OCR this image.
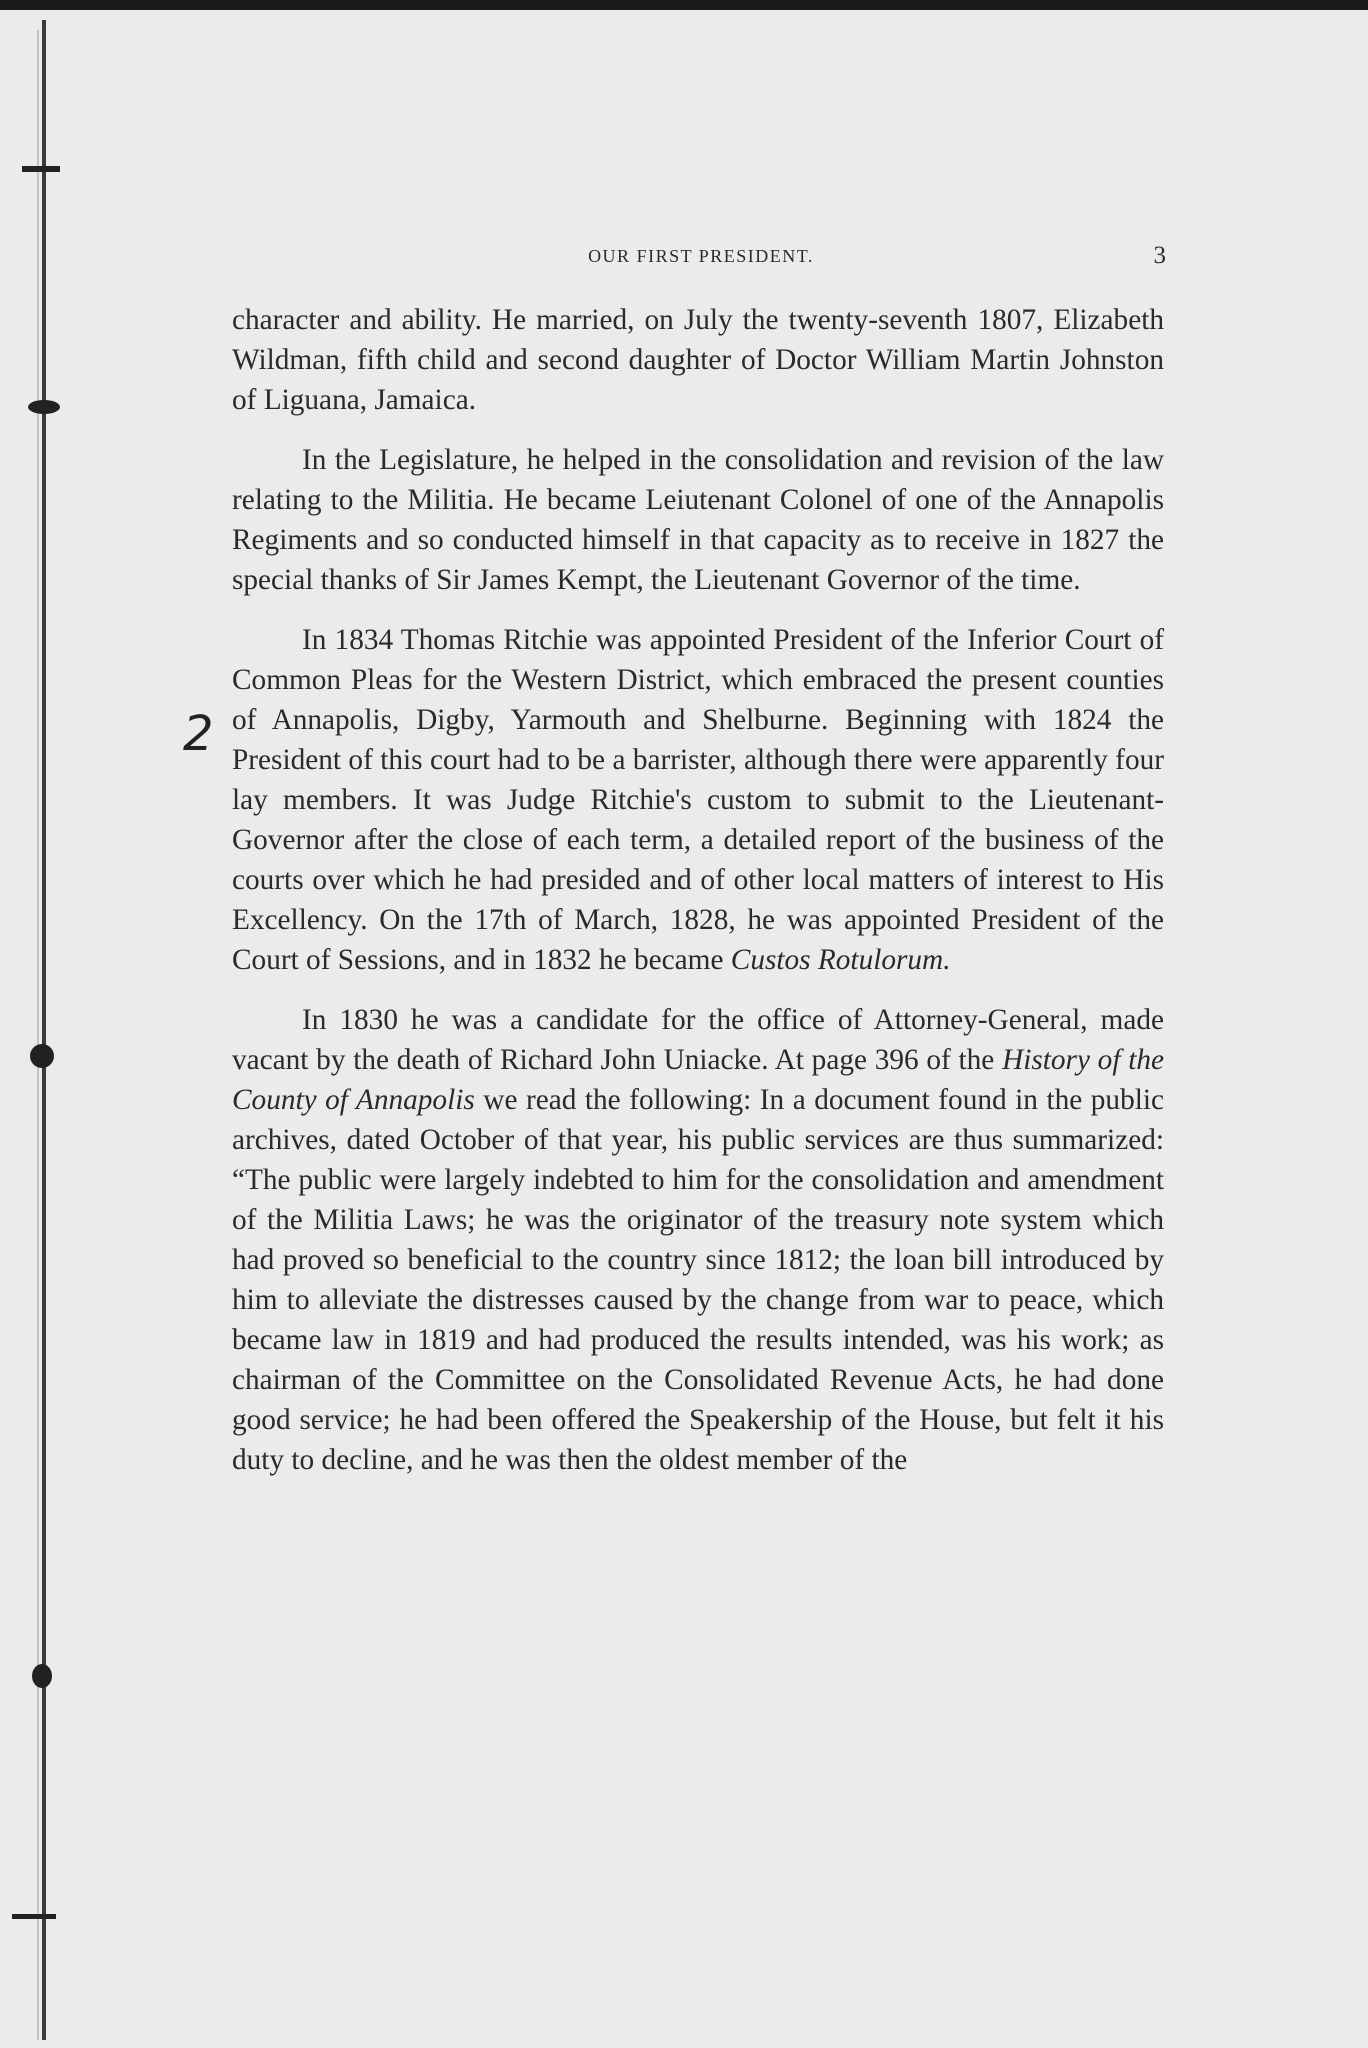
OUR FIRST PRESIDENT.	3
2

character and ability. He married, on July the twenty-seventh 1807, Elizabeth Wildman, fifth child and second daughter of Doctor William Martin Johnston of Liguana, Jamaica.

In the Legislature, he helped in the consolidation and revision of the law relating to the Militia. He became Leiutenant Colonel of one of the Annapolis Regiments and so conducted himself in that capacity as to receive in 1827 the special thanks of Sir James Kempt, the Lieutenant Governor of the time.

In 1834 Thomas Ritchie was appointed President of the Inferior Court of Common Pleas for the Western District, which embraced the present counties of Annapolis, Digby, Yarmouth and Shelburne. Beginning with 1824 the President of this court had to be a barrister, although there were apparently four lay members. It was Judge Ritchie's custom to submit to the Lieutenant-Governor after the close of each term, a detailed report of the business of the courts over which he had presided and of other local matters of interest to His Excellency. On the 17th of March, 1828, he was appointed President of the Court of Sessions, and in 1832 he became Custos Rotulorum.

In 1830 he was a candidate for the office of Attorney-General, made vacant by the death of Richard John Uniacke. At page 396 of the History of the County of Annapolis we read the following: In a document found in the public archives, dated October of that year, his public services are thus summarized: “The public were largely indebted to him for the consolidation and amendment of the Militia Laws; he was the originator of the treasury note system which had proved so beneficial to the country since 1812; the loan bill introduced by him to alleviate the distresses caused by the change from war to peace, which became law in 1819 and had produced the results intended, was his work; as chairman of the Committee on the Consolidated Revenue Acts, he had done good service; he had been offered the Speakership of the House, but felt it his duty to decline, and he was then the oldest member of the
